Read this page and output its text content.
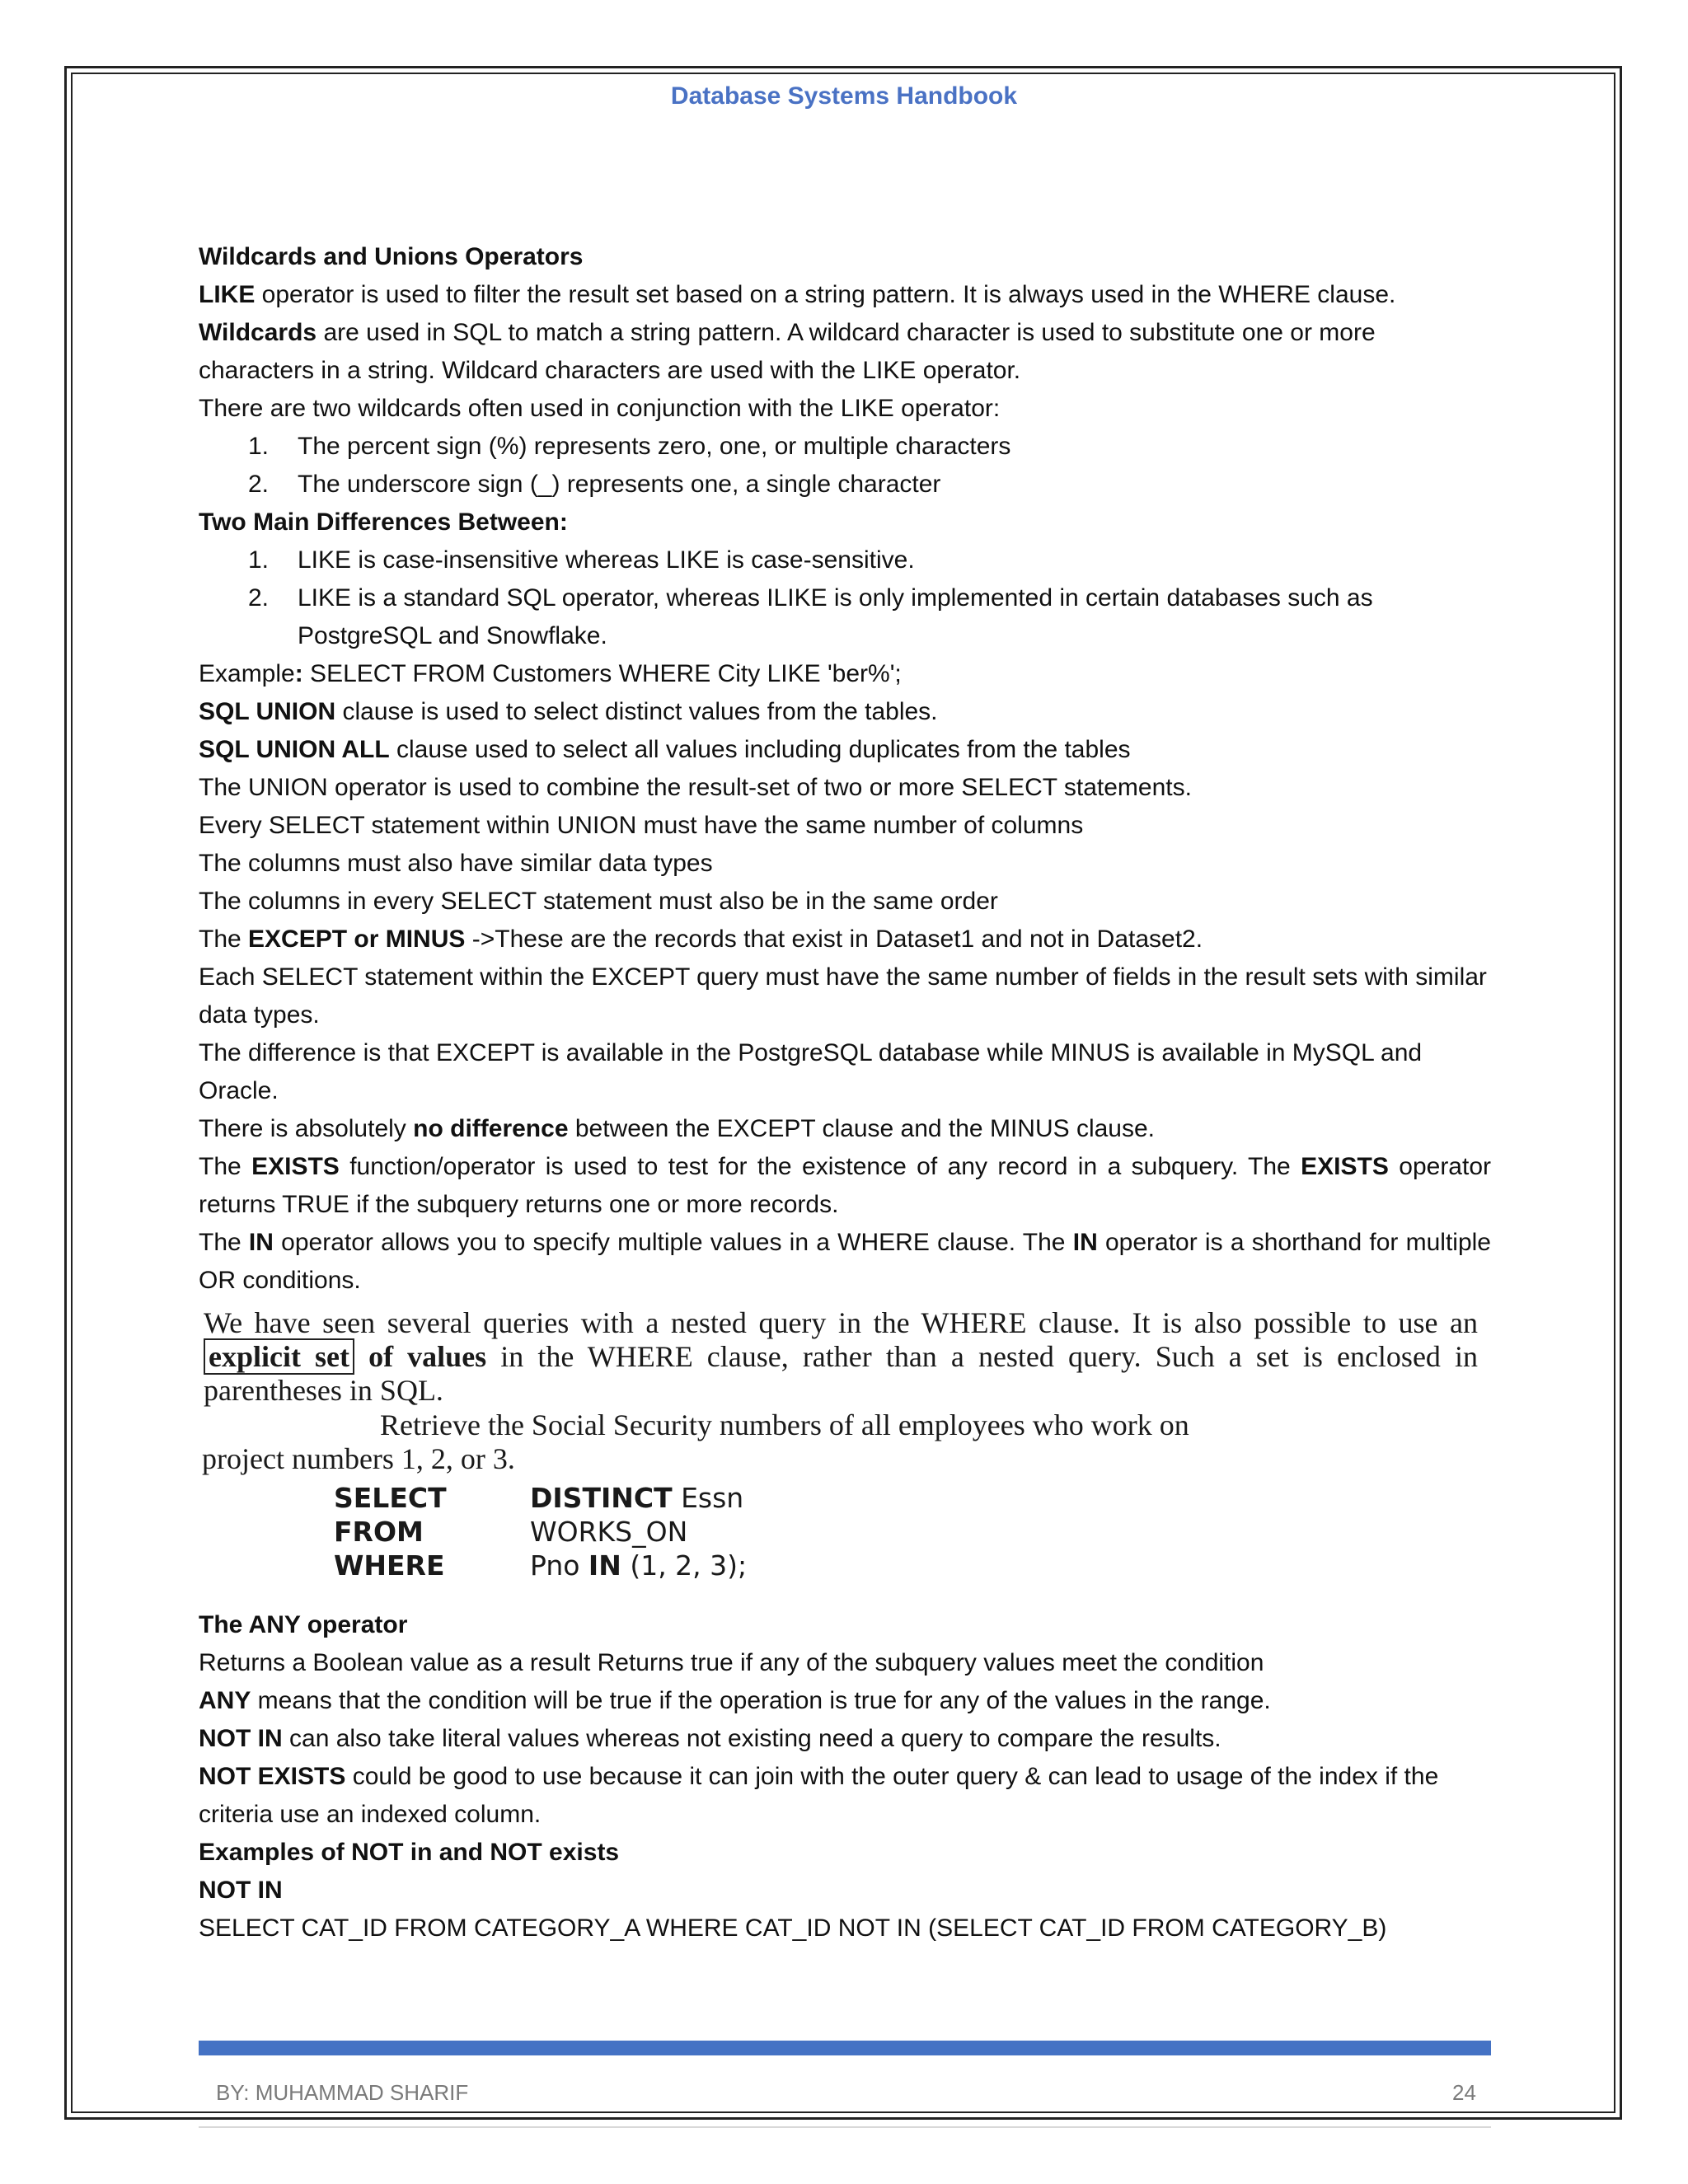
Database Systems Handbook

Wildcards and Unions Operators

LIKE operator is used to filter the result set based on a string pattern. It is always used in the WHERE clause.

Wildcards are used in SQL to match a string pattern. A wildcard character is used to substitute one or more characters in a string. Wildcard characters are used with the LIKE operator.

There are two wildcards often used in conjunction with the LIKE operator:

1. The percent sign (%) represents zero, one, or multiple characters
2. The underscore sign (_) represents one, a single character

Two Main Differences Between:

1. LIKE is case-insensitive whereas LIKE is case-sensitive.
2. LIKE is a standard SQL operator, whereas ILIKE is only implemented in certain databases such as PostgreSQL and Snowflake.

Example: SELECT FROM Customers WHERE City LIKE 'ber%';

SQL UNION clause is used to select distinct values from the tables.

SQL UNION ALL clause used to select all values including duplicates from the tables

The UNION operator is used to combine the result-set of two or more SELECT statements.

Every SELECT statement within UNION must have the same number of columns

The columns must also have similar data types

The columns in every SELECT statement must also be in the same order

The EXCEPT or MINUS ->These are the records that exist in Dataset1 and not in Dataset2.

Each SELECT statement within the EXCEPT query must have the same number of fields in the result sets with similar data types.

The difference is that EXCEPT is available in the PostgreSQL database while MINUS is available in MySQL and Oracle.

There is absolutely no difference between the EXCEPT clause and the MINUS clause.

The EXISTS function/operator is used to test for the existence of any record in a subquery. The EXISTS operator returns TRUE if the subquery returns one or more records.

The IN operator allows you to specify multiple values in a WHERE clause. The IN operator is a shorthand for multiple OR conditions.

We have seen several queries with a nested query in the WHERE clause. It is also possible to use an explicit set of values in the WHERE clause, rather than a nested query. Such a set is enclosed in parentheses in SQL.
Retrieve the Social Security numbers of all employees who work on
project numbers 1, 2, or 3.
SELECT	DISTINCT Essn
FROM	WORKS_ON
WHERE	Pno IN (1, 2, 3);

The ANY operator

Returns a Boolean value as a result Returns true if any of the subquery values meet the condition

ANY means that the condition will be true if the operation is true for any of the values in the range.

NOT IN can also take literal values whereas not existing need a query to compare the results.

NOT EXISTS could be good to use because it can join with the outer query & can lead to usage of the index if the criteria use an indexed column.

Examples of NOT in and NOT exists

NOT IN

SELECT CAT_ID FROM CATEGORY_A WHERE CAT_ID NOT IN (SELECT CAT_ID FROM CATEGORY_B)

BY: MUHAMMAD SHARIF	24
